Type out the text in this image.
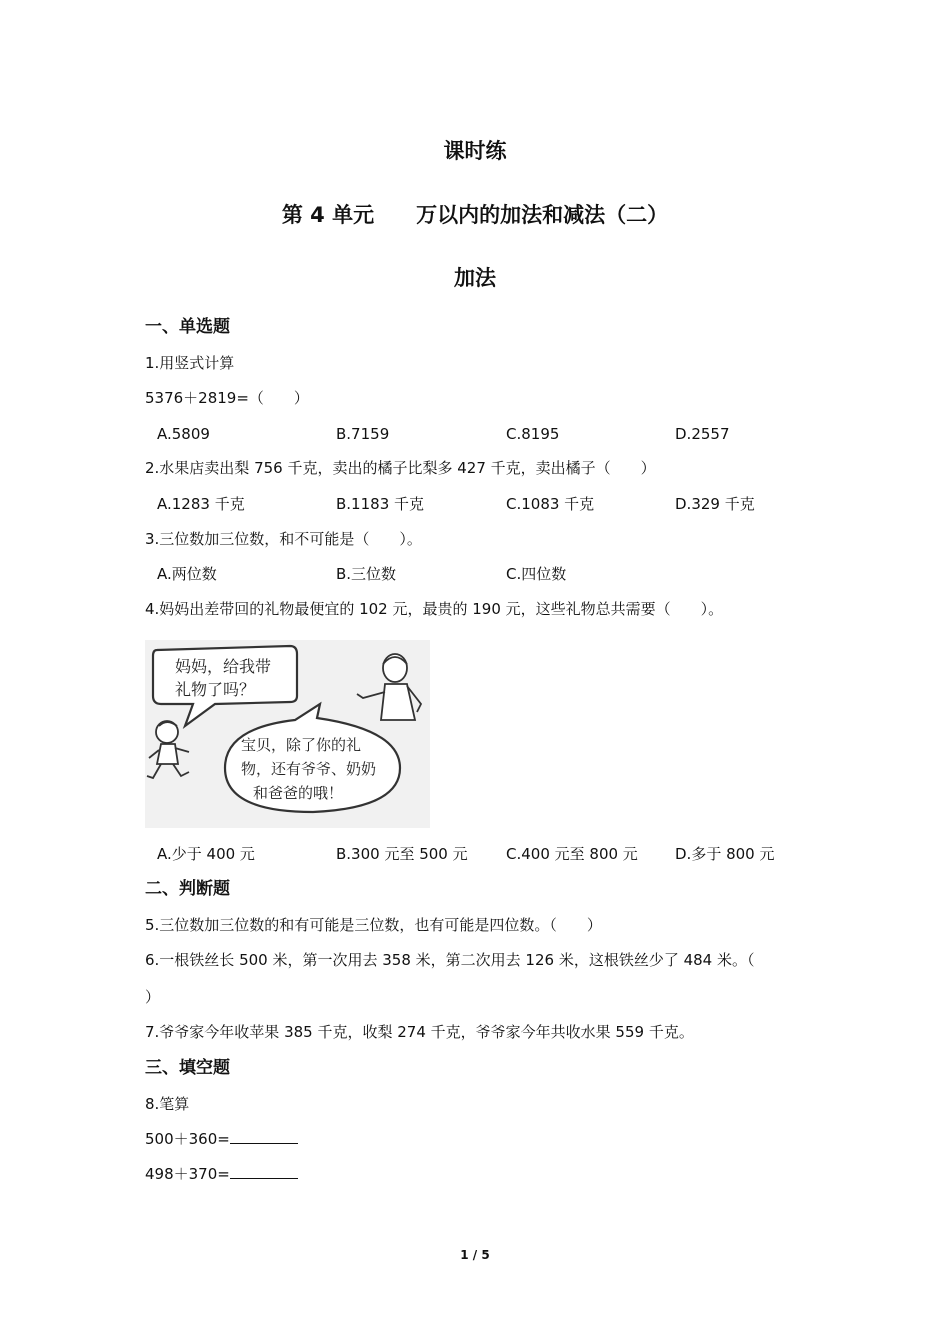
课时练
第 4 单元　　万以内的加法和减法（二）
加法
一、单选题
1.用竖式计算
5376＋2819=（　　）
A.5809	B.7159	C.8195	D.2557
2.水果店卖出梨 756 千克，卖出的橘子比梨多 427 千克，卖出橘子（　　）
A.1283 千克	B.1183 千克	C.1083 千克	D.329 千克
3.三位数加三位数，和不可能是（　　）。
A.两位数	B.三位数	C.四位数
4.妈妈出差带回的礼物最便宜的 102 元，最贵的 190 元，这些礼物总共需要（　　）。
妈妈，给我带
礼物了吗？
宝贝，除了你的礼
物，还有爷爷、奶奶
和爸爸的哦！
A.少于 400 元	B.300 元至 500 元	C.400 元至 800 元 D.多于 800 元
二、判断题
5.三位数加三位数的和有可能是三位数，也有可能是四位数。（　　）
6.一根铁丝长 500 米，第一次用去 358 米，第二次用去 126 米，这根铁丝少了 484 米。（
）
7.爷爷家今年收苹果 385 千克，收梨 274 千克，爷爷家今年共收水果 559 千克。
三、填空题
8.笔算
500＋360=
498＋370=
1 / 5
